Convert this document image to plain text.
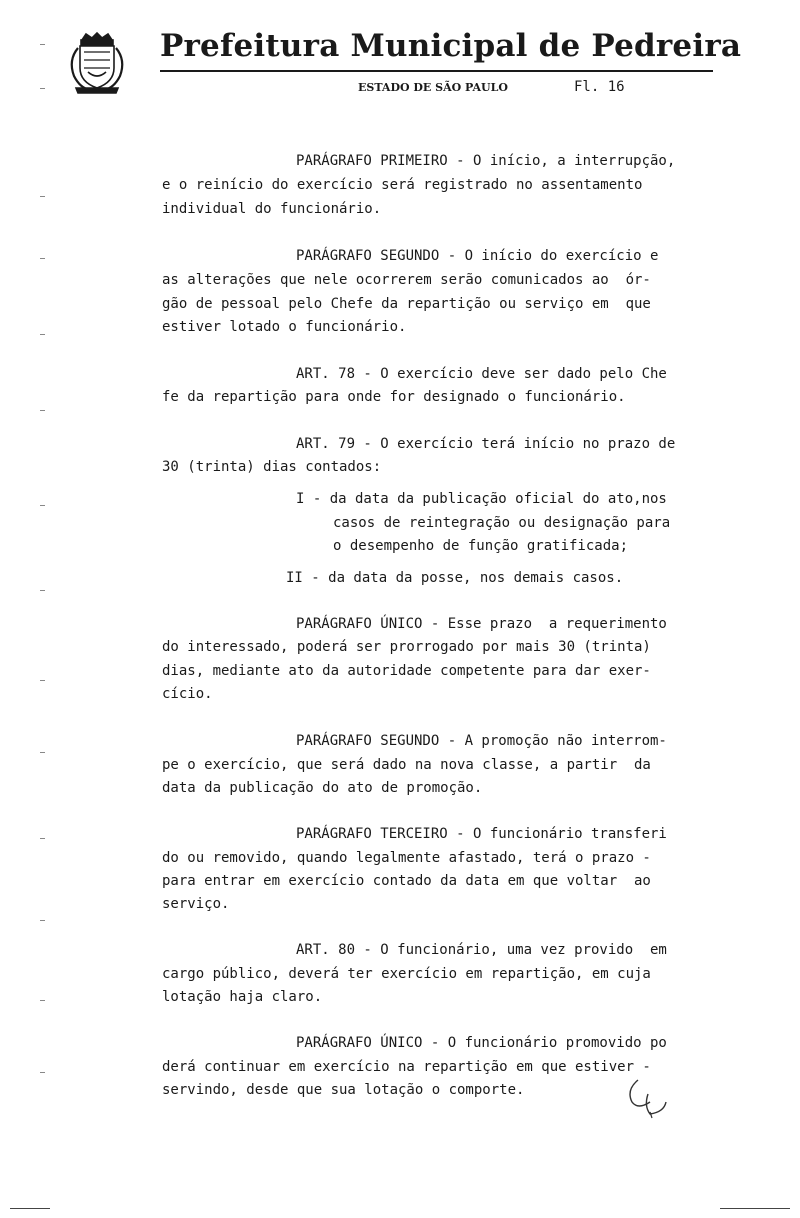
Prefeitura Municipal de Pedreira
ESTADO DE SÃO PAULO	Fl. 16
PARÁGRAFO PRIMEIRO - O início, a interrupção,
e o reinício do exercício será registrado no assentamento
individual do funcionário.
PARÁGRAFO SEGUNDO - O início do exercício e
as alterações que nele ocorrerem serão comunicados ao  ór-
gão de pessoal pelo Chefe da repartição ou serviço em  que
estiver lotado o funcionário.
ART. 78 - O exercício deve ser dado pelo Che
fe da repartição para onde for designado o funcionário.
ART. 79 - O exercício terá início no prazo de
30 (trinta) dias contados:
I - da data da publicação oficial do ato,nos
casos de reintegração ou designação para
o desempenho de função gratificada;
II - da data da posse, nos demais casos.
PARÁGRAFO ÚNICO - Esse prazo  a requerimento
do interessado, poderá ser prorrogado por mais 30 (trinta)
dias, mediante ato da autoridade competente para dar exer-
cício.
PARÁGRAFO SEGUNDO - A promoção não interrom-
pe o exercício, que será dado na nova classe, a partir  da
data da publicação do ato de promoção.
PARÁGRAFO TERCEIRO - O funcionário transferi
do ou removido, quando legalmente afastado, terá o prazo -
para entrar em exercício contado da data em que voltar  ao
serviço.
ART. 80 - O funcionário, uma vez provido  em
cargo público, deverá ter exercício em repartição, em cuja
lotação haja claro.
PARÁGRAFO ÚNICO - O funcionário promovido po
derá continuar em exercício na repartição em que estiver -
servindo, desde que sua lotação o comporte.
